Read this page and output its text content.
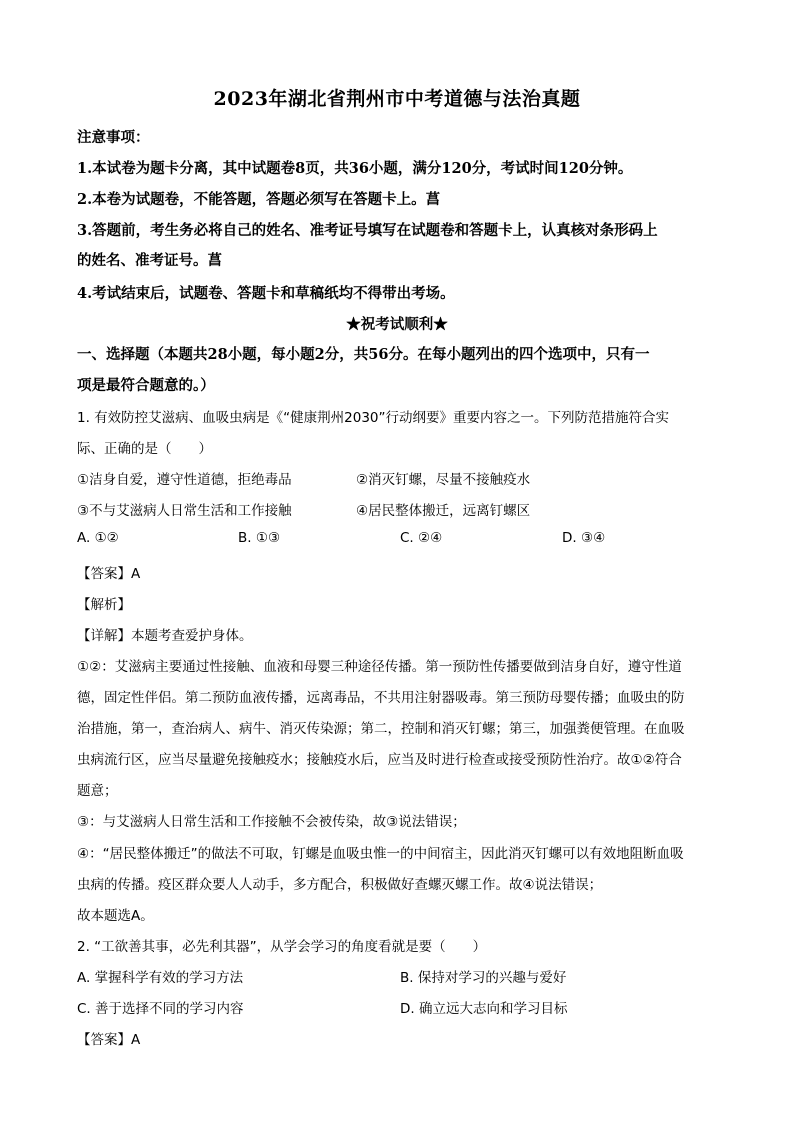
2023年湖北省荆州市中考道德与法治真题
注意事项：
1.本试卷为题卡分离，其中试题卷8页，共36小题，满分120分，考试时间120分钟。
2.本卷为试题卷，不能答题，答题必须写在答题卡上。菖
3.答题前，考生务必将自己的姓名、准考证号填写在试题卷和答题卡上，认真核对条形码上
的姓名、准考证号。菖
4.考试结束后，试题卷、答题卡和草稿纸均不得带出考场。
★祝考试顺利★
一、选择题（本题共28小题，每小题2分，共56分。在每小题列出的四个选项中，只有一
项是最符合题意的。）
1. 有效防控艾滋病、血吸虫病是《“健康荆州2030”行动纲要》重要内容之一。下列防范措施符合实
际、正确的是（　　）
①洁身自爱，遵守性道德，拒绝毒品	②消灭钉螺，尽量不接触疫水
③不与艾滋病人日常生活和工作接触	④居民整体搬迁，远离钉螺区
A. ①②	B. ①③	C. ②④	D. ③④
【答案】A
【解析】
【详解】本题考查爱护身体。
①②：艾滋病主要通过性接触、血液和母婴三种途径传播。第一预防性传播要做到洁身自好，遵守性道
德，固定性伴侣。第二预防血液传播，远离毒品，不共用注射器吸毒。第三预防母婴传播；血吸虫的防
治措施，第一，查治病人、病牛、消灭传染源；第二，控制和消灭钉螺；第三，加强粪便管理。在血吸
虫病流行区，应当尽量避免接触疫水；接触疫水后，应当及时进行检查或接受预防性治疗。故①②符合
题意；
③：与艾滋病人日常生活和工作接触不会被传染，故③说法错误；
④：“居民整体搬迁”的做法不可取，钉螺是血吸虫惟一的中间宿主，因此消灭钉螺可以有效地阻断血吸
虫病的传播。疫区群众要人人动手，多方配合，积极做好查螺灭螺工作。故④说法错误；
故本题选A。
2. “工欲善其事，必先利其器”，从学会学习的角度看就是要（　　）
A. 掌握科学有效的学习方法	B. 保持对学习的兴趣与爱好
C. 善于选择不同的学习内容	D. 确立远大志向和学习目标
【答案】A
